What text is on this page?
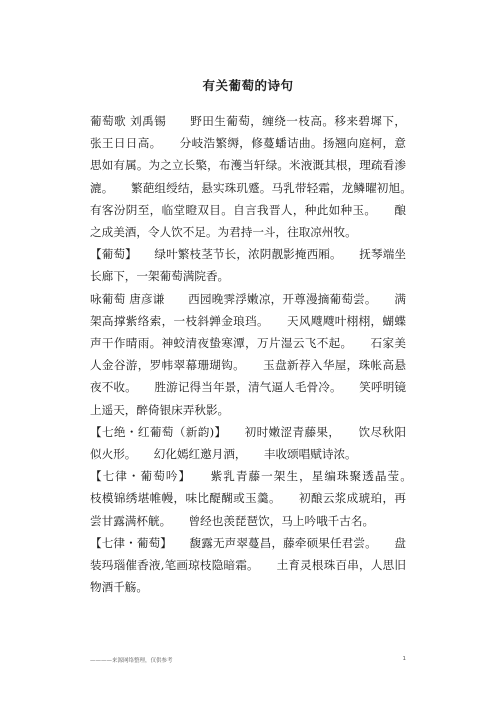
有关葡萄的诗句

葡萄歌 刘禹锡　　野田生葡萄，缠绕一枝高。移来碧墀下，张王日日高。　　分岐浩繁缛，修蔓蟠诘曲。扬翘向庭柯，意思如有属。为之立长檠，布濩当轩绿。米液溉其根，理疏看渗漉。　　繁葩组绶结，悬实珠玑蹙。马乳带轻霜，龙鳞曜初旭。　　有客汾阴至，临堂瞪双目。自言我晋人，种此如种玉。　　酿之成美酒，令人饮不足。为君持一斗，往取凉州牧。

【葡萄】　　绿叶繁枝茎节长，浓阴靓影掩西厢。　　抚琴端坐长廊下，一架葡萄满院香。

咏葡萄 唐彦谦　　西园晚霁浮嫩凉，开尊漫摘葡萄尝。　　满架高撑紫络索，一枝斜亸金琅珰。　　天风飕飕叶栩栩，蝴蝶声干作晴雨。神蛟清夜蛰寒潭，万片湿云飞不起。　　石家美人金谷游，罗帏翠幕珊瑚钩。　　玉盘新荐入华屋，珠帐高悬夜不收。　　胜游记得当年景，清气逼人毛骨冷。　　笑呼明镜上遥天，醉倚银床弄秋影。

【七绝・红葡萄（新韵)】　　初时嫩涩青藤果，　　饮尽秋阳似火形。　　幻化嫣红邀月酒，　　丰收颂唱赋诗浓。

【七律・葡萄吟】　　紫乳青藤一架生，星编珠聚透晶莹。　　枝模锦绣堪帷幔，味比醍醐或玉羹。　　初酿云浆成琥珀，再尝甘露满杯觥。　　曾经也羡琵琶饮，马上吟哦千古名。

【七律・葡萄】　　馥露无声翠蔓昌，藤牵硕果任君尝。　　盘装玛瑙催香液,笔画琼枝隐暗霜。　　土育灵根珠百串，人思旧物酒千觞。

————来源网络整理，仅供参考	1
